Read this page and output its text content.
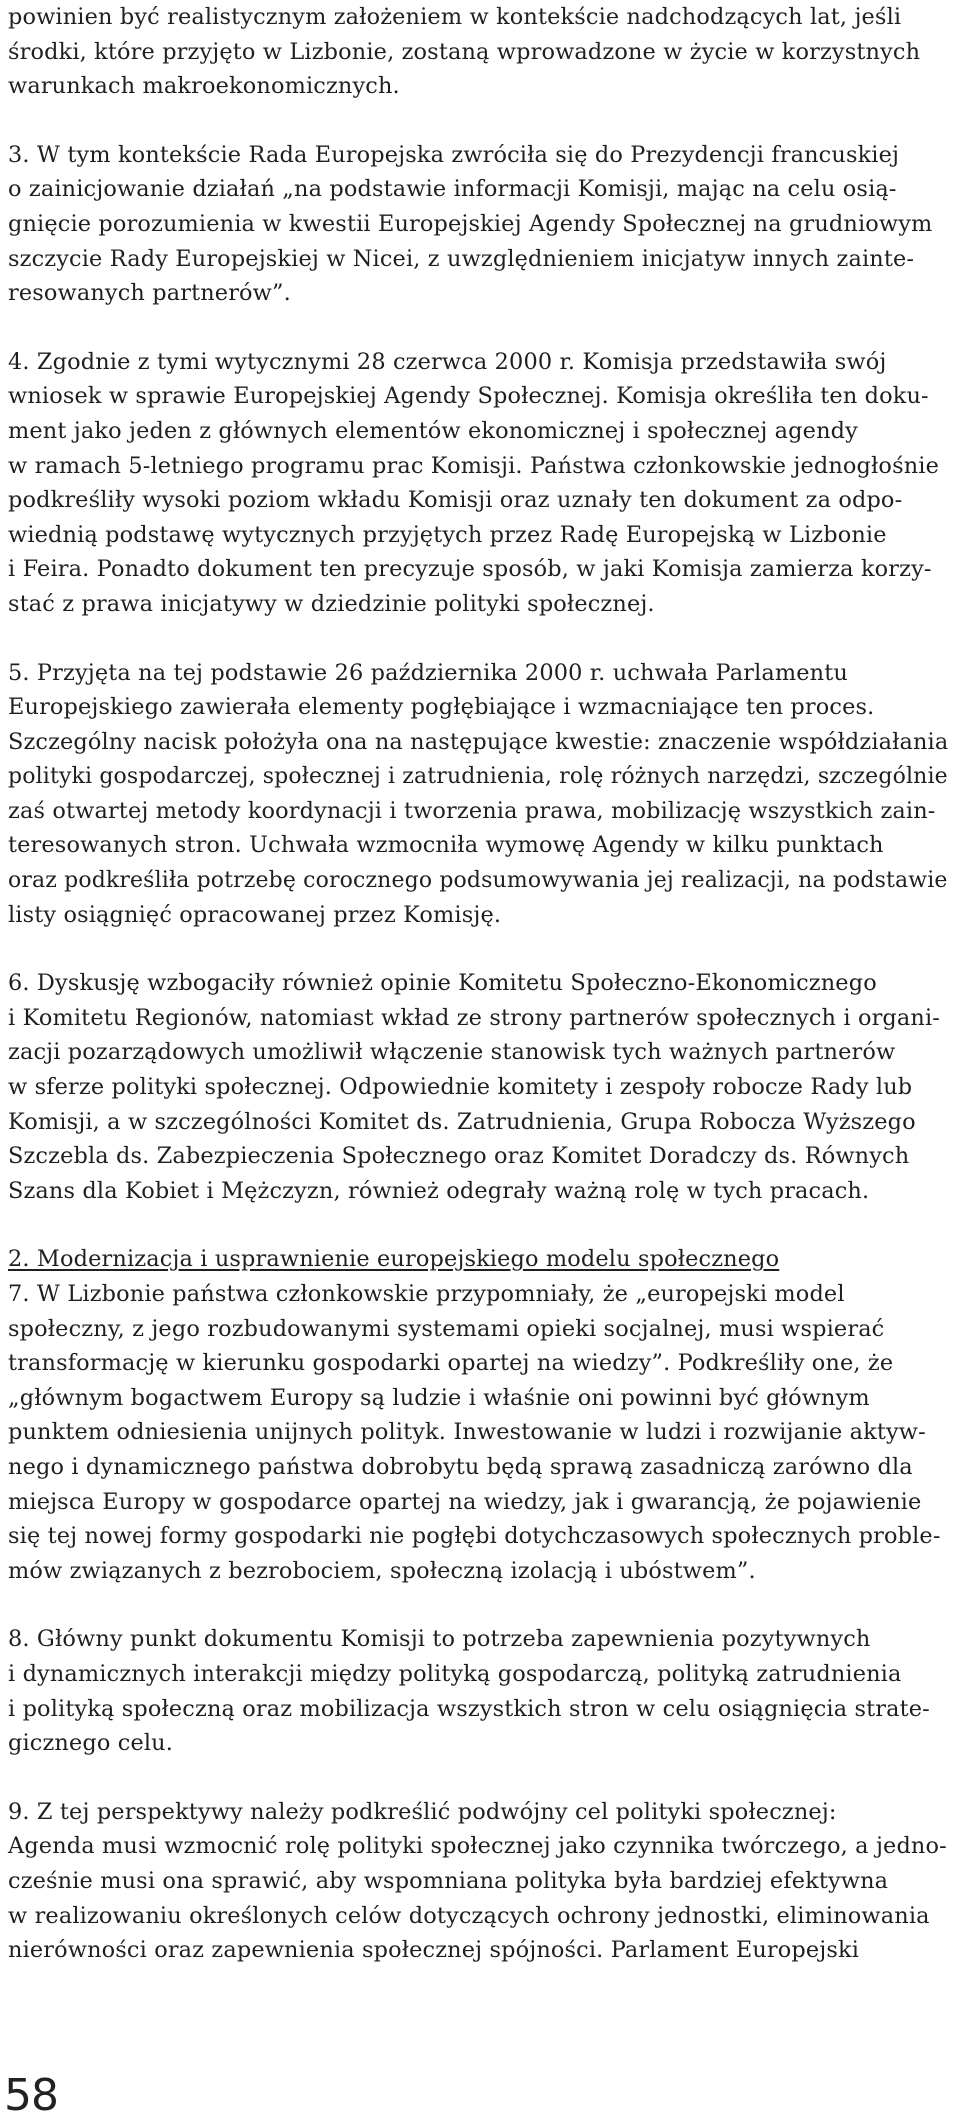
powinien być realistycznym założeniem w kontekście nadchodzących lat, jeśli
środki, które przyjęto w Lizbonie, zostaną wprowadzone w życie w korzystnych
warunkach makroekonomicznych.
3. W tym kontekście Rada Europejska zwróciła się do Prezydencji francuskiej
o zainicjowanie działań „na podstawie informacji Komisji, mając na celu osią-
gnięcie porozumienia w kwestii Europejskiej Agendy Społecznej na grudniowym
szczycie Rady Europejskiej w Nicei, z uwzględnieniem inicjatyw innych zainte-
resowanych partnerów”.
4. Zgodnie z tymi wytycznymi 28 czerwca 2000 r. Komisja przedstawiła swój
wniosek w sprawie Europejskiej Agendy Społecznej. Komisja określiła ten doku-
ment jako jeden z głównych elementów ekonomicznej i społecznej agendy
w ramach 5-letniego programu prac Komisji. Państwa członkowskie jednogłośnie
podkreśliły wysoki poziom wkładu Komisji oraz uznały ten dokument za odpo-
wiednią podstawę wytycznych przyjętych przez Radę Europejską w Lizbonie
i Feira. Ponadto dokument ten precyzuje sposób, w jaki Komisja zamierza korzy-
stać z prawa inicjatywy w dziedzinie polityki społecznej.
5. Przyjęta na tej podstawie 26 października 2000 r. uchwała Parlamentu
Europejskiego zawierała elementy pogłębiające i wzmacniające ten proces.
Szczególny nacisk położyła ona na następujące kwestie: znaczenie współdziałania
polityki gospodarczej, społecznej i zatrudnienia, rolę różnych narzędzi, szczególnie
zaś otwartej metody koordynacji i tworzenia prawa, mobilizację wszystkich zain-
teresowanych stron. Uchwała wzmocniła wymowę Agendy w kilku punktach
oraz podkreśliła potrzebę corocznego podsumowywania jej realizacji, na podstawie
listy osiągnięć opracowanej przez Komisję.
6. Dyskusję wzbogaciły również opinie Komitetu Społeczno-Ekonomicznego
i Komitetu Regionów, natomiast wkład ze strony partnerów społecznych i organi-
zacji pozarządowych umożliwił włączenie stanowisk tych ważnych partnerów
w sferze polityki społecznej. Odpowiednie komitety i zespoły robocze Rady lub
Komisji, a w szczególności Komitet ds. Zatrudnienia, Grupa Robocza Wyższego
Szczebla ds. Zabezpieczenia Społecznego oraz Komitet Doradczy ds. Równych
Szans dla Kobiet i Mężczyzn, również odegrały ważną rolę w tych pracach.
2. Modernizacja i usprawnienie europejskiego modelu społecznego
7. W Lizbonie państwa członkowskie przypomniały, że „europejski model
społeczny, z jego rozbudowanymi systemami opieki socjalnej, musi wspierać
transformację w kierunku gospodarki opartej na wiedzy”. Podkreśliły one, że
„głównym bogactwem Europy są ludzie i właśnie oni powinni być głównym
punktem odniesienia unijnych polityk. Inwestowanie w ludzi i rozwijanie aktyw-
nego i dynamicznego państwa dobrobytu będą sprawą zasadniczą zarówno dla
miejsca Europy w gospodarce opartej na wiedzy, jak i gwarancją, że pojawienie
się tej nowej formy gospodarki nie pogłębi dotychczasowych społecznych proble-
mów związanych z bezrobociem, społeczną izolacją i ubóstwem”.
8. Główny punkt dokumentu Komisji to potrzeba zapewnienia pozytywnych
i dynamicznych interakcji między polityką gospodarczą, polityką zatrudnienia
i polityką społeczną oraz mobilizacja wszystkich stron w celu osiągnięcia strate-
gicznego celu.
9. Z tej perspektywy należy podkreślić podwójny cel polityki społecznej:
Agenda musi wzmocnić rolę polityki społecznej jako czynnika twórczego, a jedno-
cześnie musi ona sprawić, aby wspomniana polityka była bardziej efektywna
w realizowaniu określonych celów dotyczących ochrony jednostki, eliminowania
nierówności oraz zapewnienia społecznej spójności. Parlament Europejski
58
